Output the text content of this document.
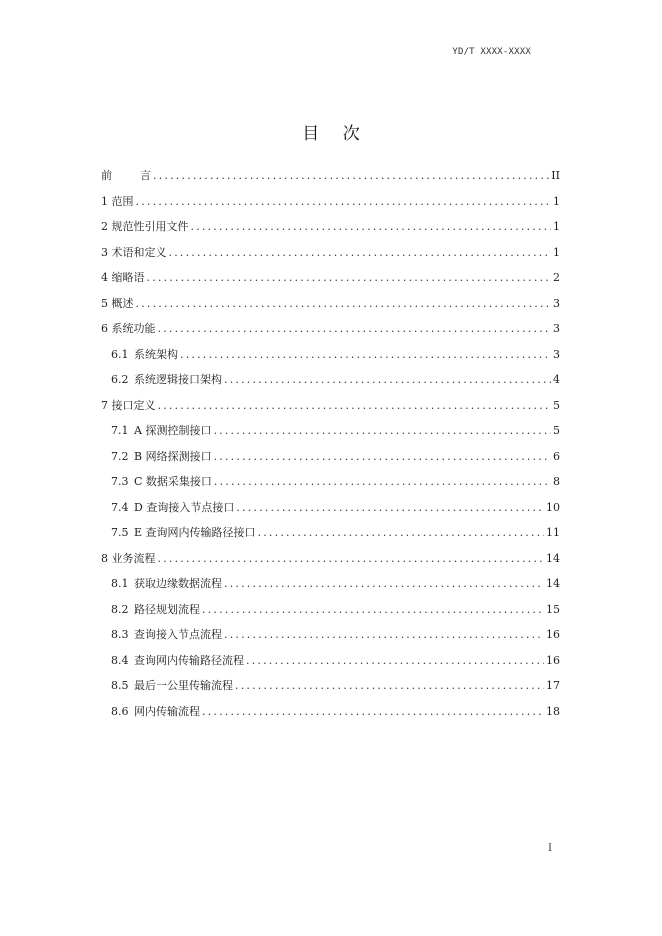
YD/T XXXX-XXXX
目 次
前	言 .....	II
1 范围 .....	1
2 规范性引用文件 .....	1
3 术语和定义 .....	1
4 缩略语 .....	2
5 概述 .....	3
6 系统功能 .....	3
6.1  系统架构 .....	3
6.2  系统逻辑接口架构 .....	4
7 接口定义 .....	5
7.1  A 探测控制接口 .....	5
7.2  B 网络探测接口 .....	6
7.3  C 数据采集接口 .....	8
7.4  D 查询接入节点接口 .....	10
7.5  E 查询网内传输路径接口 .....	11
8 业务流程 .....	14
8.1  获取边缘数据流程 .....	14
8.2  路径规划流程 .....	15
8.3  查询接入节点流程 .....	16
8.4  查询网内传输路径流程 .....	16
8.5  最后一公里传输流程 .....	17
8.6  网内传输流程 .....	18
I
